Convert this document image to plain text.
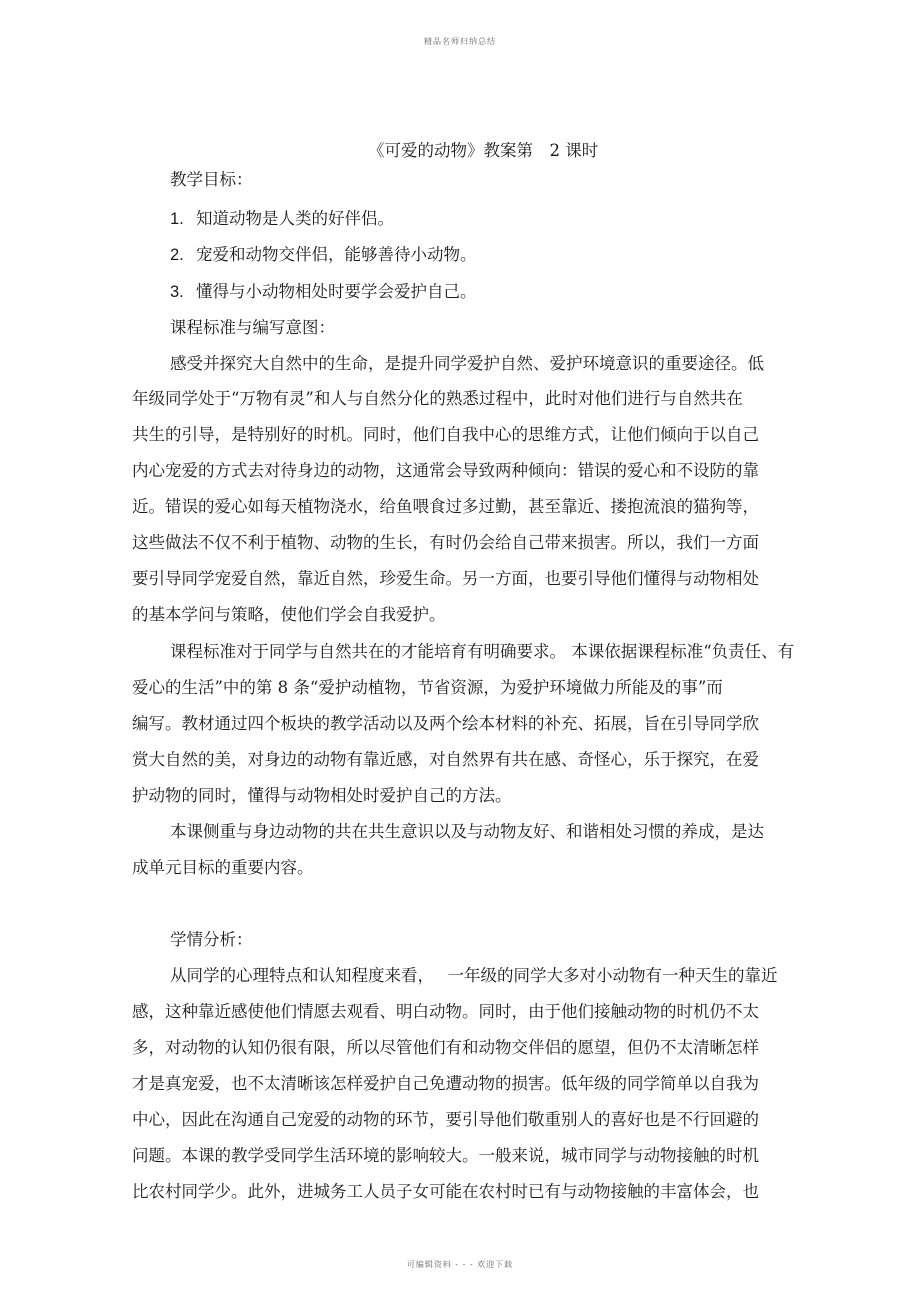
精品名师归纳总结
《可爱的动物》教案第　2 课时
教学目标：
1. 知道动物是人类的好伴侣。
2. 宠爱和动物交伴侣，能够善待小动物。
3. 懂得与小动物相处时要学会爱护自己。
课程标准与编写意图：
感受并探究大自然中的生命，是提升同学爱护自然、爱护环境意识的重要途径。低
年级同学处于“万物有灵”和人与自然分化的熟悉过程中，此时对他们进行与自然共在
共生的引导，是特别好的时机。同时，他们自我中心的思维方式，让他们倾向于以自己
内心宠爱的方式去对待身边的动物，这通常会导致两种倾向：错误的爱心和不设防的靠
近。错误的爱心如每天植物浇水，给鱼喂食过多过勤，甚至靠近、搂抱流浪的猫狗等，
这些做法不仅不利于植物、动物的生长，有时仍会给自己带来损害。所以，我们一方面
要引导同学宠爱自然，靠近自然，珍爱生命。另一方面，也要引导他们懂得与动物相处
的基本学问与策略，使他们学会自我爱护。
课程标准对于同学与自然共在的才能培育有明确要求。 本课依据课程标准“负责任、有
爱心的生活”中的第 8 条“爱护动植物，节省资源，为爱护环境做力所能及的事”而
编写。教材通过四个板块的教学活动以及两个绘本材料的补充、拓展，旨在引导同学欣
赏大自然的美，对身边的动物有靠近感，对自然界有共在感、奇怪心，乐于探究，在爱
护动物的同时，懂得与动物相处时爱护自己的方法。
本课侧重与身边动物的共在共生意识以及与动物友好、和谐相处习惯的养成，是达
成单元目标的重要内容。
学情分析：
从同学的心理特点和认知程度来看，　 一年级的同学大多对小动物有一种天生的靠近
感，这种靠近感使他们情愿去观看、明白动物。同时，由于他们接触动物的时机仍不太
多，对动物的认知仍很有限，所以尽管他们有和动物交伴侣的愿望，但仍不太清晰怎样
才是真宠爱，也不太清晰该怎样爱护自己免遭动物的损害。低年级的同学简单以自我为
中心，因此在沟通自己宠爱的动物的环节，要引导他们敬重别人的喜好也是不行回避的
问题。本课的教学受同学生活环境的影响较大。一般来说，城市同学与动物接触的时机
比农村同学少。此外，进城务工人员子女可能在农村时已有与动物接触的丰富体会，也
可编辑资料 - - - 欢迎下载
